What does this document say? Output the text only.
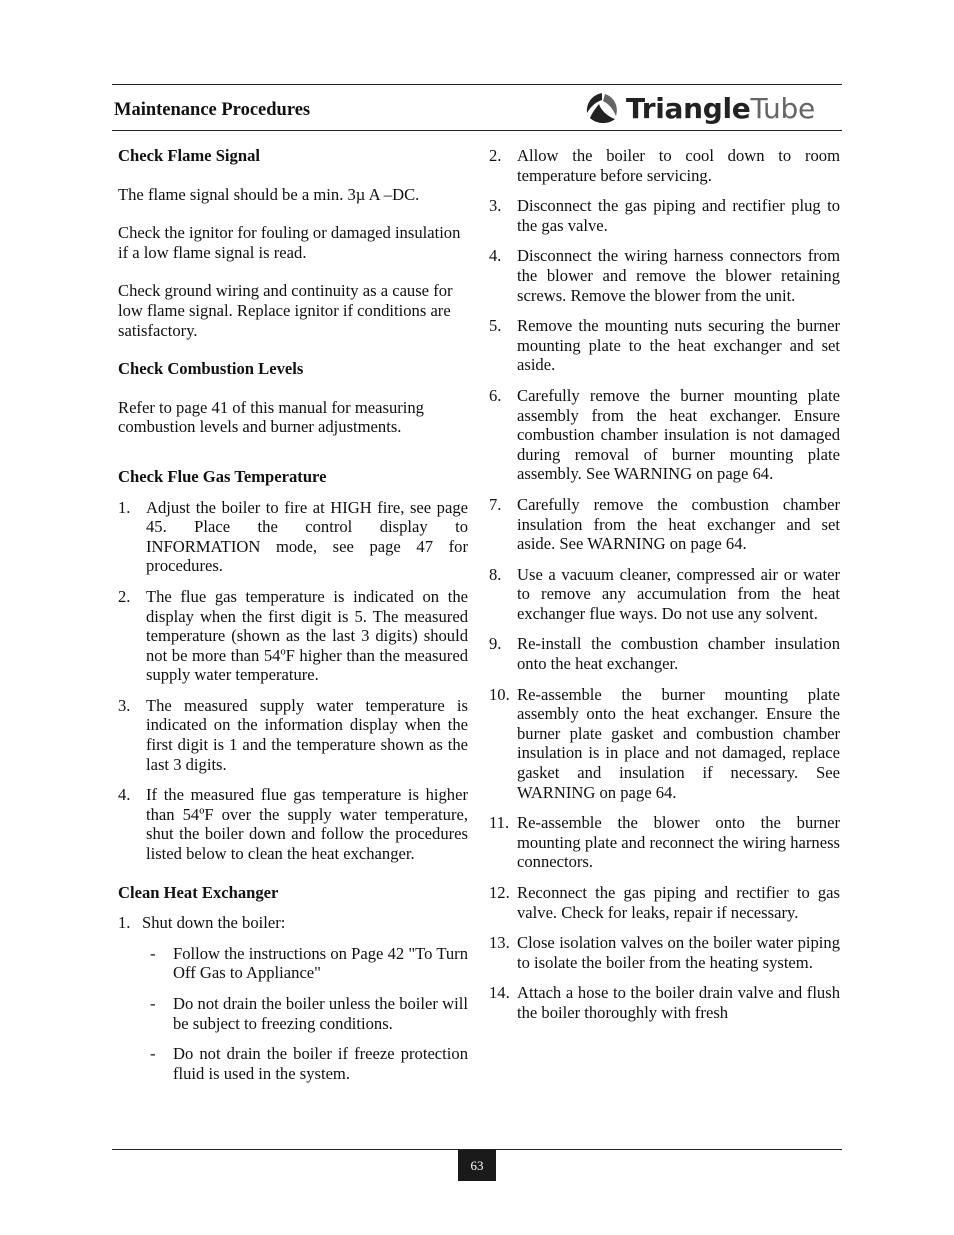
Maintenance Procedures	TriangleTube
Check Flame Signal

The flame signal should be a min. 3µ A –DC.

Check the ignitor for fouling or damaged insulation if a low flame signal is read.

Check ground wiring and continuity as a cause for low flame signal. Replace ignitor if conditions are satisfactory.

Check Combustion Levels

Refer to page 41 of this manual for measuring combustion levels and burner adjustments.

Check Flue Gas Temperature
1. Adjust the boiler to fire at HIGH fire, see page 45. Place the control display to INFORMATION mode, see page 47 for procedures.
2. The flue gas temperature is indicated on the display when the first digit is 5. The measured temperature (shown as the last 3 digits) should not be more than 54ºF higher than the measured supply water temperature.
3. The measured supply water temperature is indicated on the information display when the first digit is 1 and the temperature shown as the last 3 digits.
4. If the measured flue gas temperature is higher than 54ºF over the supply water temperature, shut the boiler down and follow the procedures listed below to clean the heat exchanger.
Clean Heat Exchanger
1. Shut down the boiler:
- Follow the instructions on Page 42 "To Turn Off Gas to Appliance"
- Do not drain the boiler unless the boiler will be subject to freezing conditions.
- Do not drain the boiler if freeze protection fluid is used in the system.
2. Allow the boiler to cool down to room temperature before servicing.
3. Disconnect the gas piping and rectifier plug to the gas valve.
4. Disconnect the wiring harness connectors from the blower and remove the blower retaining screws. Remove the blower from the unit.
5. Remove the mounting nuts securing the burner mounting plate to the heat exchanger and set aside.
6. Carefully remove the burner mounting plate assembly from the heat exchanger. Ensure combustion chamber insulation is not damaged during removal of burner mounting plate assembly. See WARNING on page 64.
7. Carefully remove the combustion chamber insulation from the heat exchanger and set aside. See WARNING on page 64.
8. Use a vacuum cleaner, compressed air or water to remove any accumulation from the heat exchanger flue ways. Do not use any solvent.
9. Re-install the combustion chamber insulation onto the heat exchanger.
10. Re-assemble the burner mounting plate assembly onto the heat exchanger. Ensure the burner plate gasket and combustion chamber insulation is in place and not damaged, replace gasket and insulation if necessary. See WARNING on page 64.
11. Re-assemble the blower onto the burner mounting plate and reconnect the wiring harness connectors.
12. Reconnect the gas piping and rectifier to gas valve. Check for leaks, repair if necessary.
13. Close isolation valves on the boiler water piping to isolate the boiler from the heating system.
14. Attach a hose to the boiler drain valve and flush the boiler thoroughly with fresh
63
